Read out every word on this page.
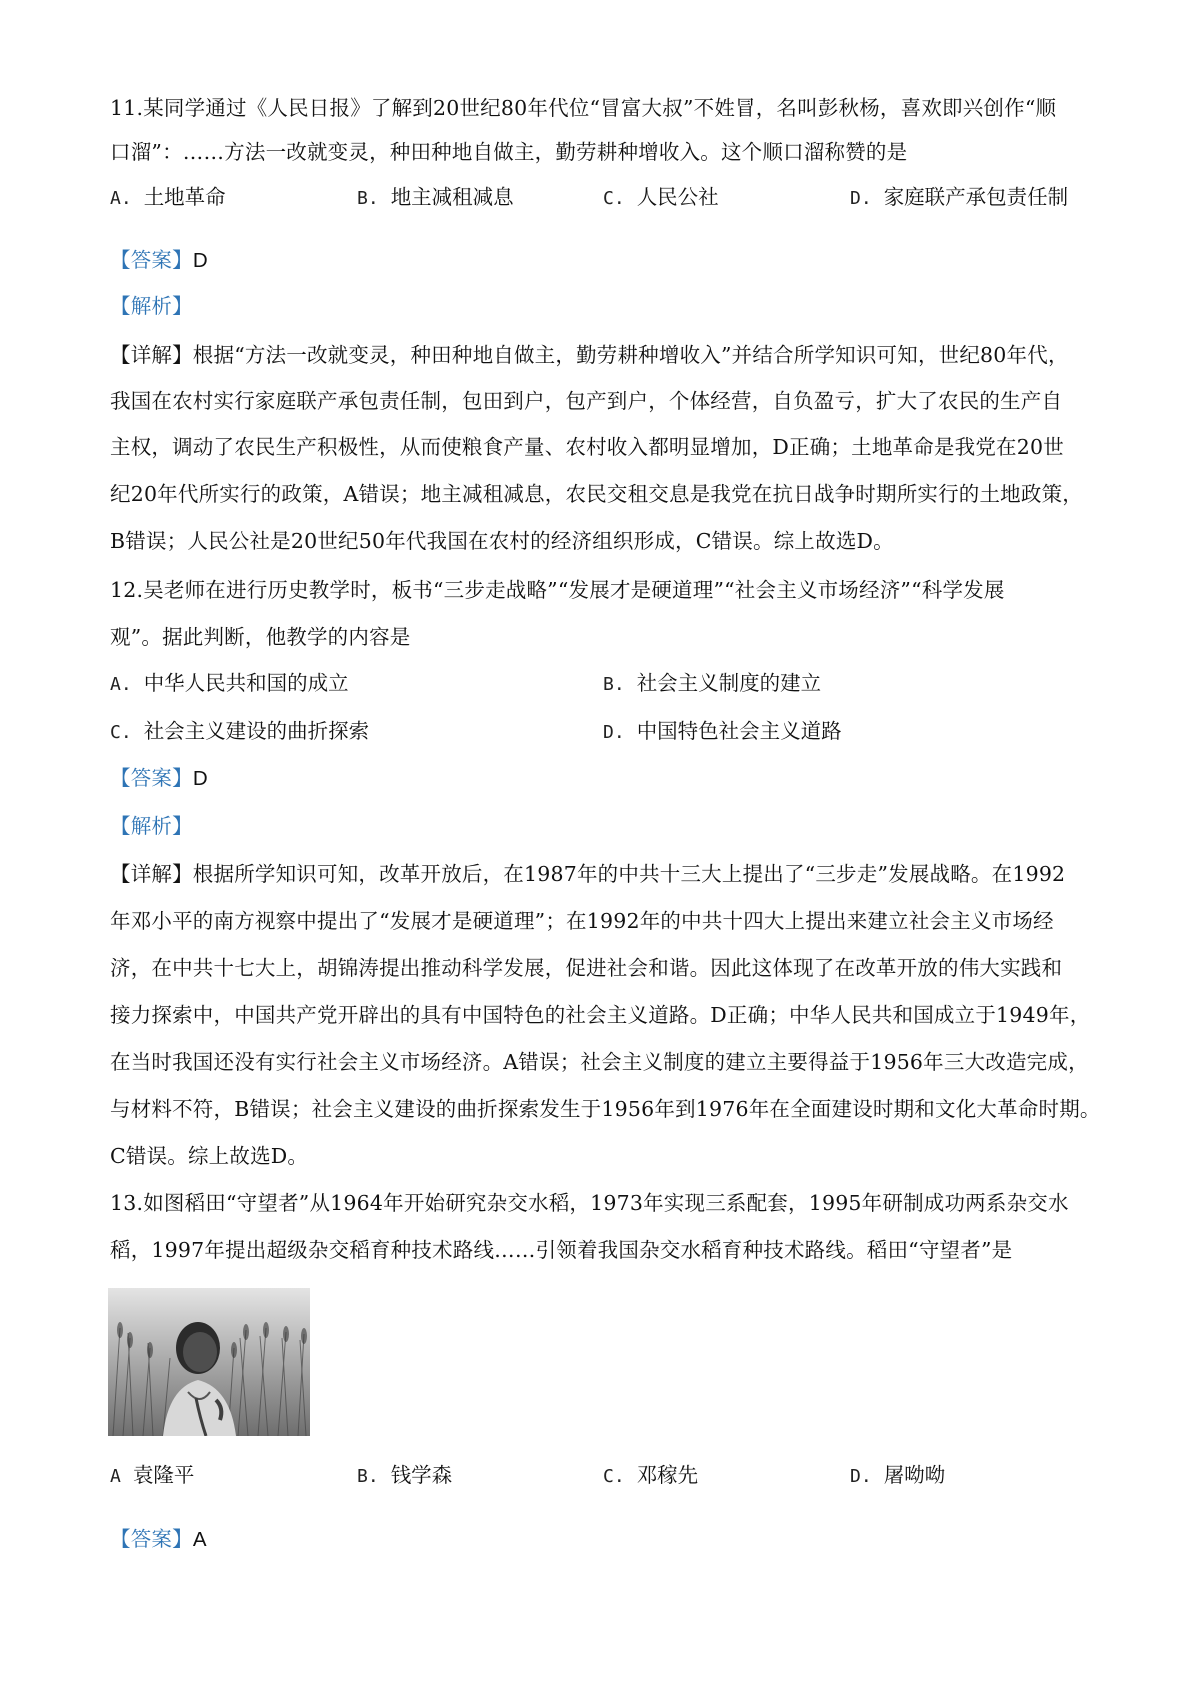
11.某同学通过《人民日报》了解到20世纪80年代位“冒富大叔”不姓冒，名叫彭秋杨，喜欢即兴创作“顺
口溜”：……方法一改就变灵，种田种地自做主，勤劳耕种增收入。这个顺口溜称赞的是
A. 土地革命	B. 地主减租减息	C. 人民公社	D. 家庭联产承包责任制
【答案】D
【解析】
【详解】根据“方法一改就变灵，种田种地自做主，勤劳耕种增收入”并结合所学知识可知，世纪80年代，
我国在农村实行家庭联产承包责任制，包田到户，包产到户，个体经营，自负盈亏，扩大了农民的生产自
主权，调动了农民生产积极性，从而使粮食产量、农村收入都明显增加，D正确；土地革命是我党在20世
纪20年代所实行的政策，A错误；地主减租减息，农民交租交息是我党在抗日战争时期所实行的土地政策，
B错误；人民公社是20世纪50年代我国在农村的经济组织形成，C错误。综上故选D。
12.吴老师在进行历史教学时，板书“三步走战略”“发展才是硬道理”“社会主义市场经济”“科学发展
观”。据此判断，他教学的内容是
A. 中华人民共和国的成立	B. 社会主义制度的建立
C. 社会主义建设的曲折探索	D. 中国特色社会主义道路
【答案】D
【解析】
【详解】根据所学知识可知，改革开放后，在1987年的中共十三大上提出了“三步走”发展战略。在1992
年邓小平的南方视察中提出了“发展才是硬道理”；在1992年的中共十四大上提出来建立社会主义市场经
济，在中共十七大上，胡锦涛提出推动科学发展，促进社会和谐。因此这体现了在改革开放的伟大实践和
接力探索中，中国共产党开辟出的具有中国特色的社会主义道路。D正确；中华人民共和国成立于1949年，
在当时我国还没有实行社会主义市场经济。A错误；社会主义制度的建立主要得益于1956年三大改造完成，
与材料不符，B错误；社会主义建设的曲折探索发生于1956年到1976年在全面建设时期和文化大革命时期。
C错误。综上故选D。
13.如图稻田“守望者”从1964年开始研究杂交水稻，1973年实现三系配套，1995年研制成功两系杂交水
稻，1997年提出超级杂交稻育种技术路线……引领着我国杂交水稻育种技术路线。稻田“守望者”是
A 袁隆平	B. 钱学森	C. 邓稼先	D. 屠呦呦
【答案】A
